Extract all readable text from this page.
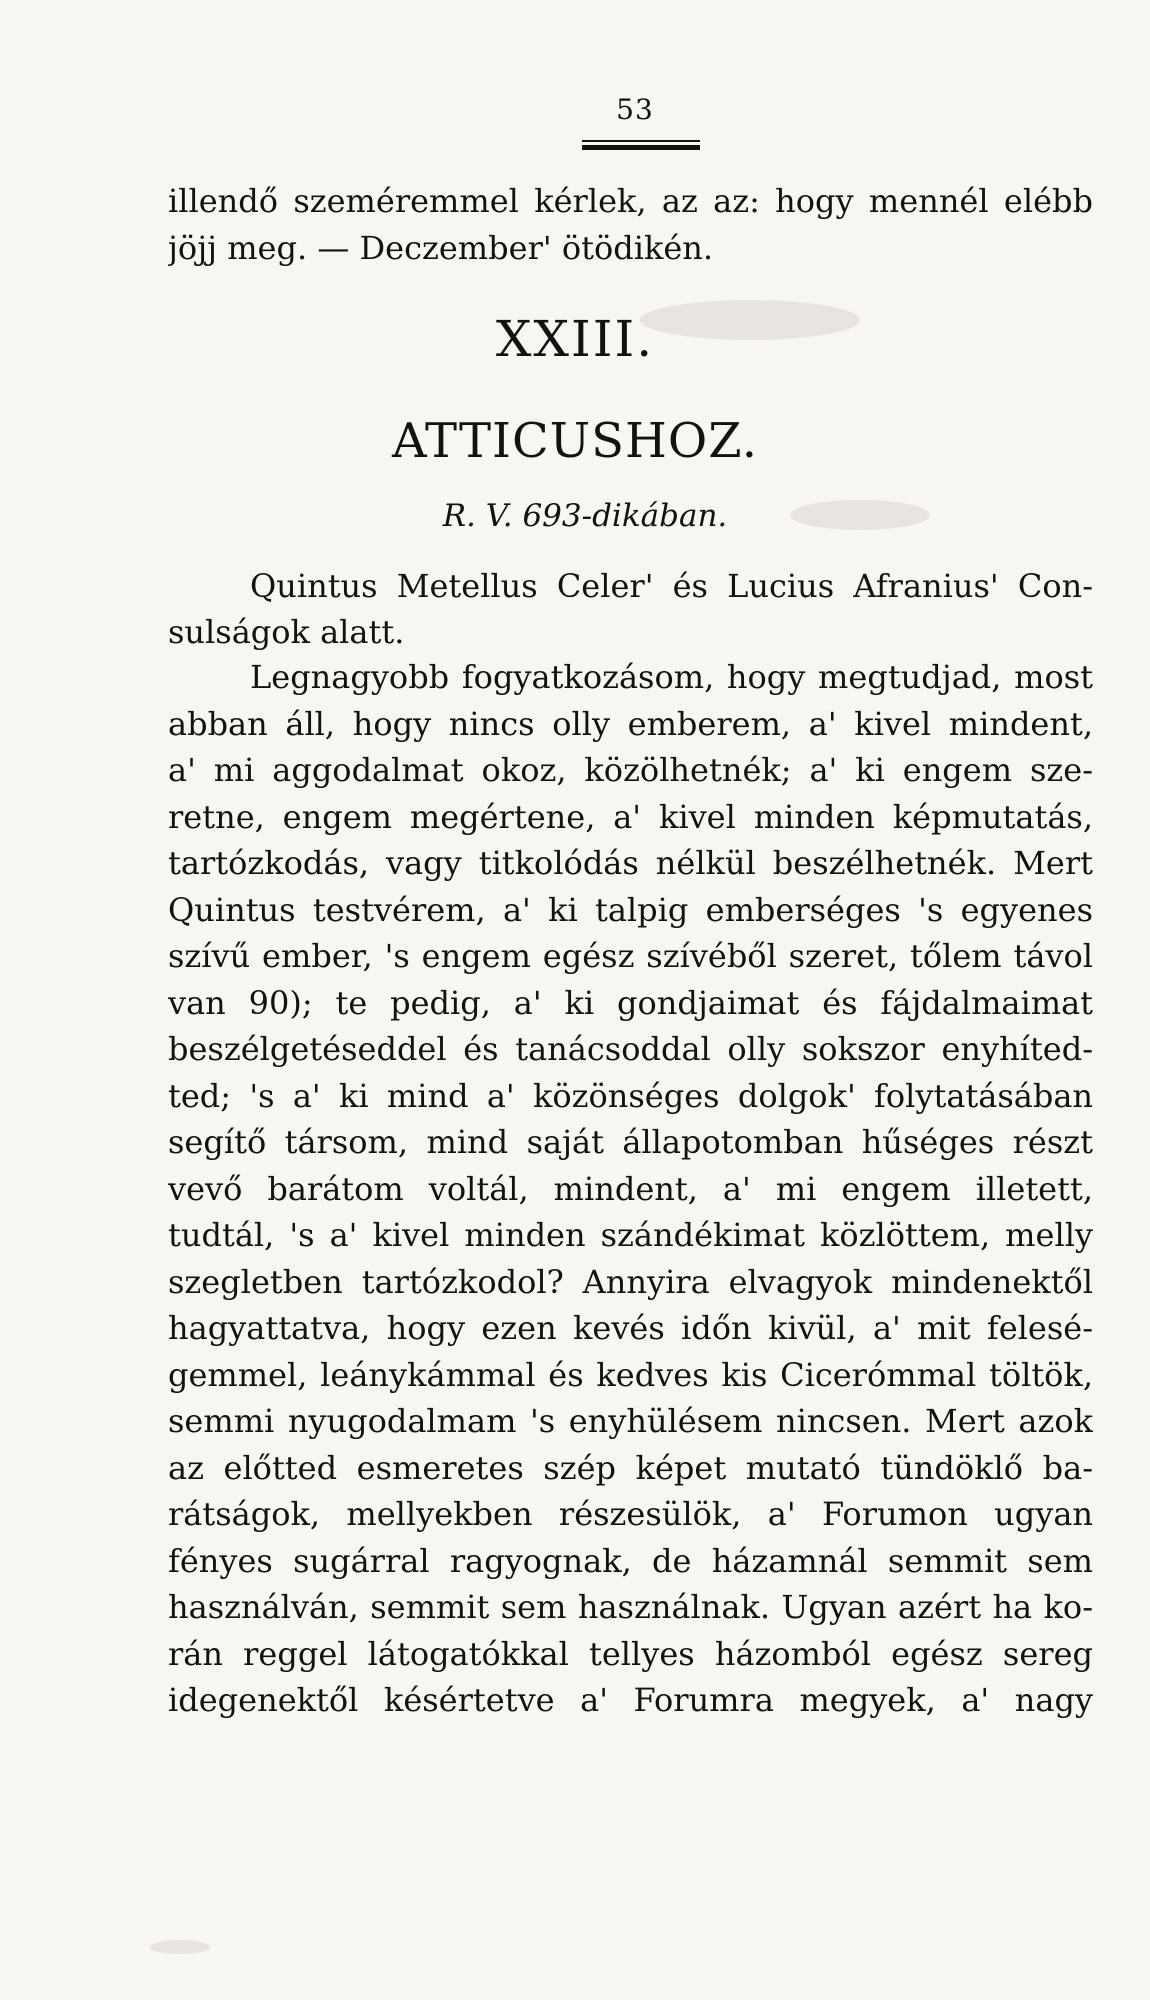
53
illendő szeméremmel kérlek, az az: hogy mennél elébb
jöjj meg. — Deczember' ötödikén.
XXIII.
ATTICUSHOZ.
R. V. 693-dikában.
Quintus Metellus Celer' és Lucius Afranius' Con-
sulságok alatt.
Legnagyobb fogyatkozásom, hogy megtudjad, most
abban áll, hogy nincs olly emberem, a' kivel mindent,
a' mi aggodalmat okoz, közölhetnék; a' ki engem sze-
retne, engem megértene, a' kivel minden képmutatás,
tartózkodás, vagy titkolódás nélkül beszélhetnék. Mert
Quintus testvérem, a' ki talpig emberséges 's egyenes
szívű ember, 's engem egész szívéből szeret, tőlem távol
van 90); te pedig, a' ki gondjaimat és fájdalmaimat
beszélgetéseddel és tanácsoddal olly sokszor enyhíted-
ted; 's a' ki mind a' közönséges dolgok' folytatásában
segítő társom, mind saját állapotomban hűséges részt
vevő barátom voltál, mindent, a' mi engem illetett,
tudtál, 's a' kivel minden szándékimat közlöttem, melly
szegletben tartózkodol? Annyira elvagyok mindenektől
hagyattatva, hogy ezen kevés időn kivül, a' mit felesé-
gemmel, leánykámmal és kedves kis Cicerómmal töltök,
semmi nyugodalmam 's enyhülésem nincsen. Mert azok
az előtted esmeretes szép képet mutató tündöklő ba-
rátságok, mellyekben részesülök, a' Forumon ugyan
fényes sugárral ragyognak, de házamnál semmit sem
használván, semmit sem használnak. Ugyan azért ha ko-
rán reggel látogatókkal tellyes házomból egész sereg
idegenektől késértetve a' Forumra megyek, a' nagy
